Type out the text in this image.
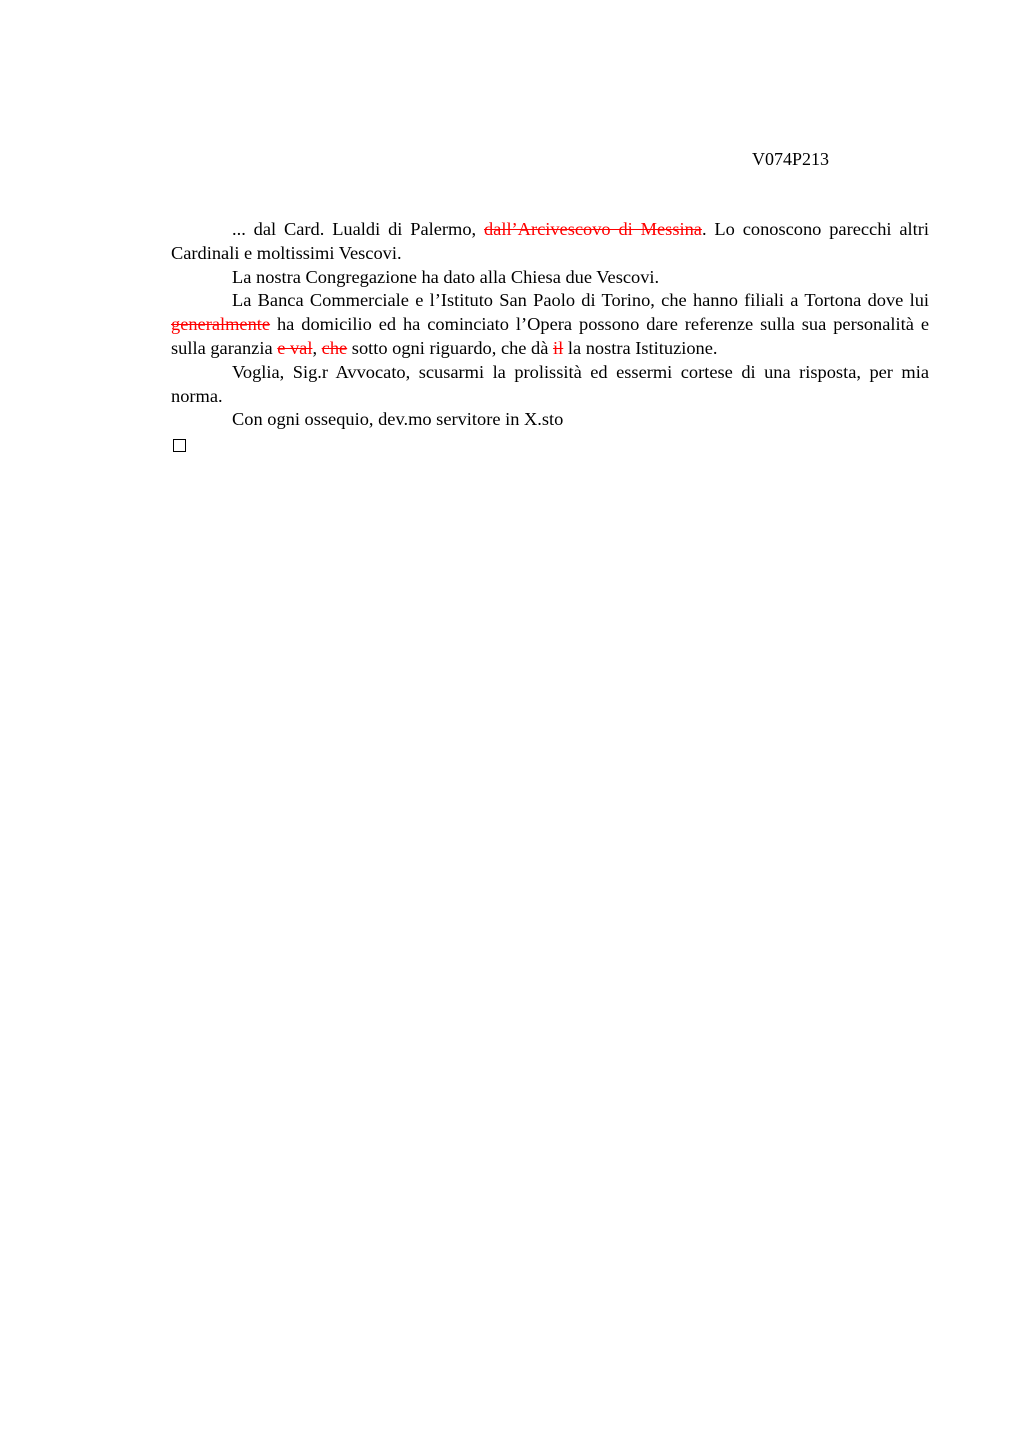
V074P213

... dal Card. Lualdi di Palermo, dall’Arcivescovo di Messina. Lo conoscono parecchi altri Cardinali e moltissimi Vescovi.

La nostra Congregazione ha dato alla Chiesa due Vescovi.

La Banca Commerciale e l’Istituto San Paolo di Torino, che hanno filiali a Tortona dove lui generalmente ha domicilio ed ha cominciato l’Opera possono dare referenze sulla sua personalità e sulla garanzia e val, che sotto ogni riguardo, che dà il la nostra Istituzione.

Voglia, Sig.r Avvocato, scusarmi la prolissità ed essermi cortese di una risposta, per mia norma.

Con ogni ossequio, dev.mo servitore in X.sto
